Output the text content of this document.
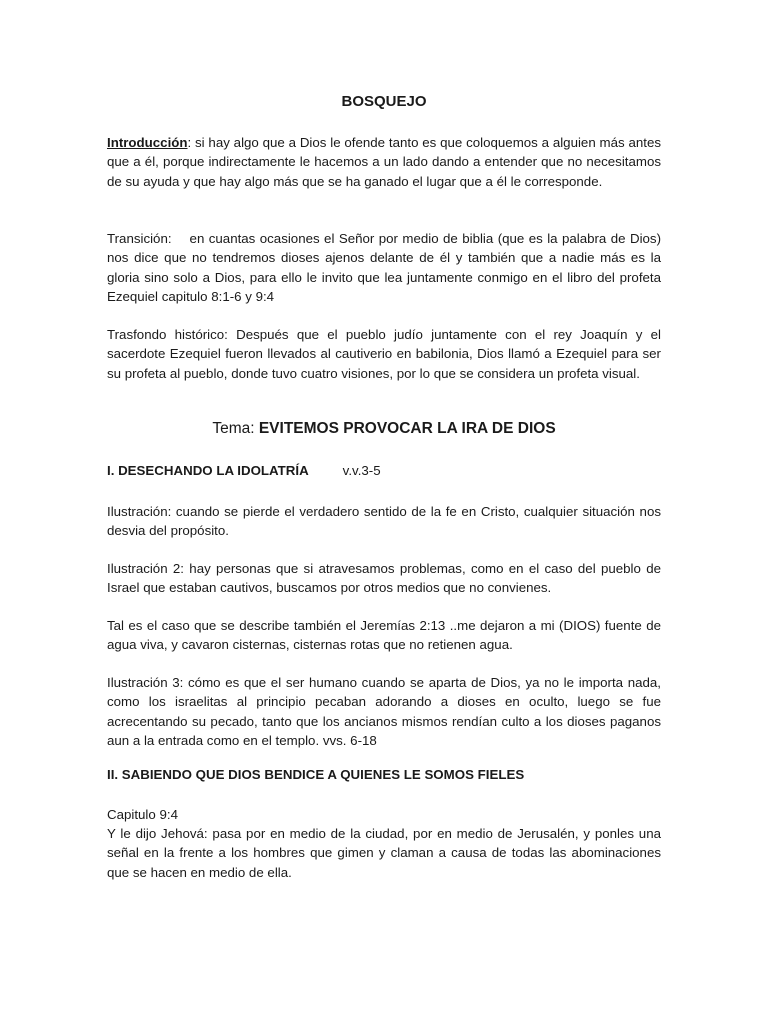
BOSQUEJO

Introducción: si hay algo que a Dios le ofende tanto es que coloquemos a alguien más antes que a él, porque indirectamente le hacemos a un lado dando a entender que no necesitamos de su ayuda y que hay algo más que se ha ganado el lugar que a él le corresponde.

Transición: en cuantas ocasiones el Señor por medio de biblia (que es la palabra de Dios) nos dice que no tendremos dioses ajenos delante de él y también que a nadie más es la gloria sino solo a Dios, para ello le invito que lea juntamente conmigo en el libro del profeta Ezequiel capitulo 8:1-6 y 9:4

Trasfondo histórico: Después que el pueblo judío juntamente con el rey Joaquín y el sacerdote Ezequiel fueron llevados al cautiverio en babilonia, Dios llamó a Ezequiel para ser su profeta al pueblo, donde tuvo cuatro visiones, por lo que se considera un profeta visual.

Tema: EVITEMOS PROVOCAR LA IRA DE DIOS
I. DESECHANDO LA IDOLATRÍA	v.v.3-5

Ilustración: cuando se pierde el verdadero sentido de la fe en Cristo, cualquier situación nos desvia del propósito.

Ilustración 2: hay personas que si atravesamos problemas, como en el caso del pueblo de Israel que estaban cautivos, buscamos por otros medios que no convienes.

Tal es el caso que se describe también el Jeremías 2:13 ..me dejaron a mi (DIOS) fuente de agua viva, y cavaron cisternas, cisternas rotas que no retienen agua.

Ilustración 3: cómo es que el ser humano cuando se aparta de Dios, ya no le importa nada, como los israelitas al principio pecaban adorando a dioses en oculto, luego se fue acrecentando su pecado, tanto que los ancianos mismos rendían culto a los dioses paganos aun a la entrada como en el templo. vvs. 6-18

II. SABIENDO QUE DIOS BENDICE A QUIENES LE SOMOS FIELES

Capitulo 9:4

Y le dijo Jehová: pasa por en medio de la ciudad, por en medio de Jerusalén, y ponles una señal en la frente a los hombres que gimen y claman a causa de todas las abominaciones que se hacen en medio de ella.
